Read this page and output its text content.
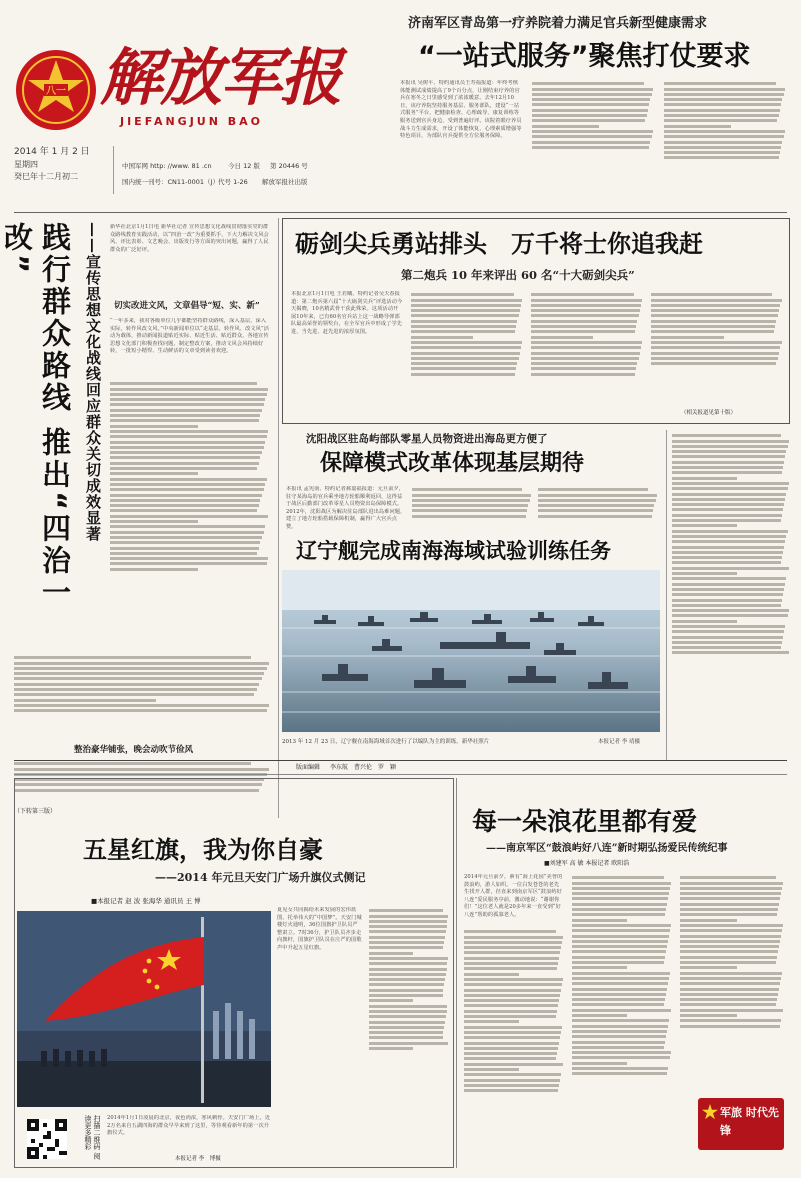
八一 解放军报
JIEFANGJUN BAO
2014 年 1 月 2 日
星期四
癸巳年十二月初二
中国军网 http: //www. 81 .cn	今日 12 版 第 20446 号
国内统一刊号：CN11-0001（J） 代号 1-26 解放军报社出版
济南军区青岛第一疗养院着力满足官兵新型健康需求
“一站式服务”聚焦打仗要求
本报讯 吴树平、特约通讯员王寿福报道：年终考核体能测试成绩提高了9个百分点，让刚结束疗养的官兵在寒冬之日里感受到了浓浓暖意。去年12月10日，该疗养院坚持服务基层、服务部队，建设“一站式服务”平台，把健康检查、心理疏导、康复训练等服务送到官兵身边，受到普遍好评。该院着眼疗养员战斗力生成需求，开设了体能恢复、心理素质增强等特色项目，为部队官兵提供全方位服务保障。
践行群众路线 推出“四治一改”	——宣传思想文化战线回应群众关切成效显著	新华社北京1月1日电 新华社记者 宣传思想文化战线贯彻落实党的群众路线教育实践活动，以“四治一改”为重要抓手，下大力解决文风会风、评比表彰、文艺晚会、出版发行等方面的突出问题，赢得了人民群众的广泛好评。
切实改进文风，文章倡导“短、实、新”
“一年多来，我对各级单位几乎都能坚持群众路线，深入基层，深入实际，转作风改文风。”中央新闻单位以“走基层、转作风、改文风”活动为载体，推动新闻报道贴近实际、贴近生活、贴近群众。各地宣传思想文化部门积极查找问题，制定整改方案，推动文风会风持续好转，一批短小精悍、生动鲜活的文章受到读者欢迎。
整治豪华铺张，晚会动吹节俭风
（下转第三版）
砺剑尖兵勇站排头　万千将士你追我赶
第二炮兵 10 年来评出 60 名“十大砺剑尖兵”
本报北京1月1日电 王若曦、特约记者吴天春报道：第二炮兵第六届“十大砺剑尖兵”评选活动今天揭晓，10名精武骨干获此殊荣。这项活动开展10年来，已有60名官兵站上这一战略导弹部队最高荣誉的领奖台，在全军官兵中形成了学先进、当先进、赶先进的浓厚氛围。
（相关报道见第十版）
沈阳战区驻岛屿部队零星人员物资进出海岛更方便了
保障模式改革体现基层期待
本报讯 孟宪南、特约记者郝嘉福报道：元旦前夕，驻守某海岛的官兵乘坐地方轮船顺利返回，这得益于战区后勤部门改革零星人员物资出岛保障模式。2012年，沈阳战区为解决驻岛部队进出岛难问题，建立了地方轮船搭载保障机制，赢得广大官兵点赞。
辽宁舰完成南海海域试验训练任务
2013 年 12 月 23 日，辽宁舰在南海海域首次进行了以编队为主的训练。新华社照片	本报记者 李 靖摄
版面编辑 李东航　曹兴伦　罗　颖
五星红旗，我为你自豪
——2014 年元旦天安门广场升旗仪式侧记
■本报记者 赵 波 张海华 通讯员 王 博
夏见女共同揭给未来发展的宏伟蓝图，托举伟大的“中国梦”。天安门城楼灯火通明，36位国旗护卫队员严整肃立。7时36分，护卫队员齐步走向旗杆，国旗护卫队员在庄严的国歌声中升起五星红旗。
扫描二维码 阅读更多精彩	2014年1月1日凌晨的北京，夜色尚浓，寒风刺骨。天安门广场上，近2万名来自五湖四海的群众早早来到了这里，等待观看新年的第一次升旗仪式。
本报记者 李　博摄
每一朵浪花里都有爱
——南京军区“鼓浪屿好八连”新时期弘扬爱民传统纪事
■刘建军 高 敏 本报记者 欧阳浩
2014年元旦前夕，素有“海上花园”美誉的鼓浪屿，游人如织。一位白发苍苍的老先生找开人群，径直来到南京军区“鼓浪屿好八连”爱民服务亭前，激动地说：“谢谢你们！”这位老人就是20多年来一直受到“好八连”帮助的孤寡老人。
军旅 时代先锋
